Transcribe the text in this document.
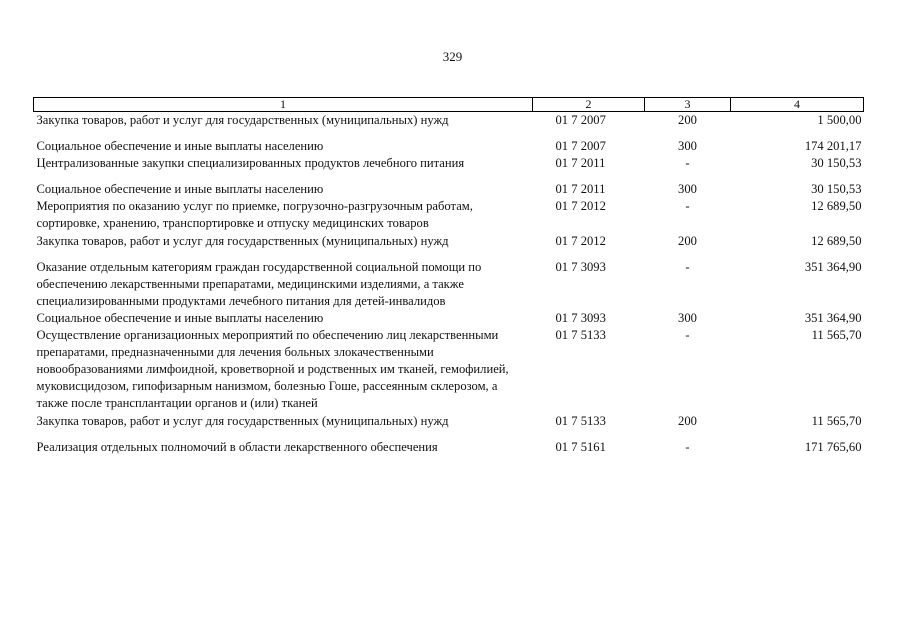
329
1	2	3	4
Закупка товаров, работ и услуг для государственных (муниципальных) нужд	01 7 2007	200	1 500,00
Социальное обеспечение и иные выплаты населению	01 7 2007	300	174 201,17
Централизованные закупки специализированных продуктов лечебного питания	01 7 2011	-	30 150,53
Социальное обеспечение и иные выплаты населению	01 7 2011	300	30 150,53
Мероприятия по оказанию услуг по приемке, погрузочно-разгрузочным работам, сортировке, хранению, транспортировке и отпуску медицинских товаров	01 7 2012	-	12 689,50
Закупка товаров, работ и услуг для государственных (муниципальных) нужд	01 7 2012	200	12 689,50
Оказание отдельным категориям граждан государственной социальной помощи по обеспечению лекарственными препаратами, медицинскими изделиями, а также специализированными продуктами лечебного питания для детей-инвалидов	01 7 3093	-	351 364,90
Социальное обеспечение и иные выплаты населению	01 7 3093	300	351 364,90
Осуществление организационных мероприятий по обеспечению лиц лекарственными препаратами, предназначенными для лечения больных злокачественными новообразованиями лимфоидной, кроветворной и родственных им тканей, гемофилией, муковисцидозом, гипофизарным нанизмом, болезнью Гоше, рассеянным склерозом, а также после трансплантации органов и (или) тканей	01 7 5133	-	11 565,70
Закупка товаров, работ и услуг для государственных (муниципальных) нужд	01 7 5133	200	11 565,70
Реализация отдельных полномочий в области лекарственного обеспечения	01 7 5161	-	171 765,60
